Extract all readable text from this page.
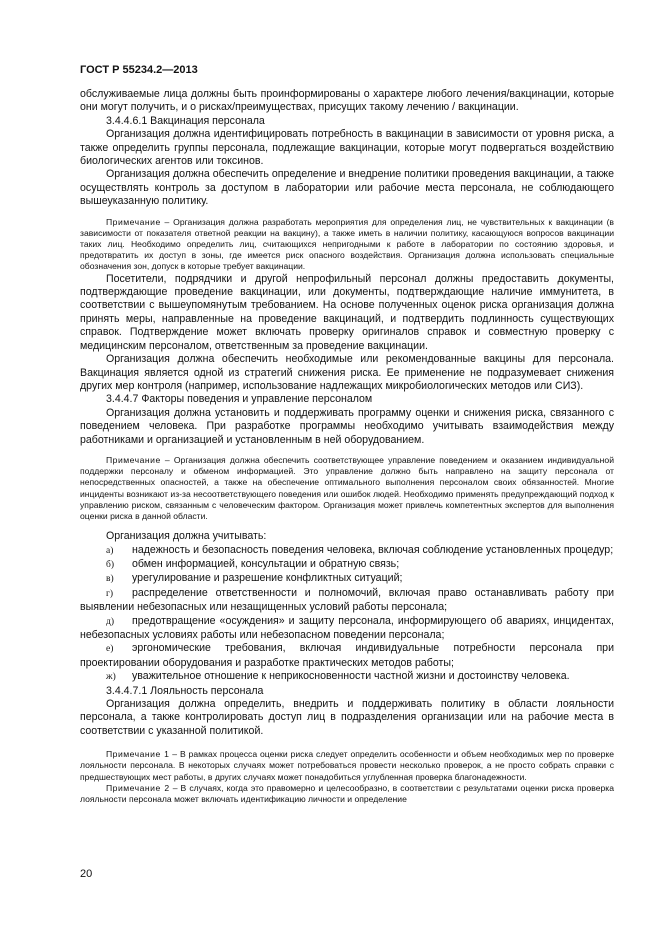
ГОСТ Р 55234.2—2013

обслуживаемые лица должны быть проинформированы о характере любого лечения/вакцинации, которые они могут получить, и о рисках/преимуществах, присущих такому лечению / вакцинации.

3.4.4.6.1 Вакцинация персонала

Организация должна идентифицировать потребность в вакцинации в зависимости от уровня риска, а также определить группы персонала, подлежащие вакцинации, которые могут подвергаться воздействию биологических агентов или токсинов.

Организация должна обеспечить определение и внедрение политики проведения вакцинации, а также осуществлять контроль за доступом в лаборатории или рабочие места персонала, не соблюдающего вышеуказанную политику.

Примечание – Организация должна разработать мероприятия для определения лиц, не чувствительных к вакцинации (в зависимости от показателя ответной реакции на вакцину), а также иметь в наличии политику, касающуюся вопросов вакцинации таких лиц. Необходимо определить лиц, считающихся непригодными к работе в лаборатории по состоянию здоровья, и предотвратить их доступ в зоны, где имеется риск опасного воздействия. Организация должна использовать специальные обозначения зон, допуск в которые требует вакцинации.

Посетители, подрядчики и другой непрофильный персонал должны предоставить документы, подтверждающие проведение вакцинации, или документы, подтверждающие наличие иммунитета, в соответствии с вышеупомянутым требованием. На основе полученных оценок риска организация должна принять меры, направленные на проведение вакцинаций, и подтвердить подлинность существующих справок. Подтверждение может включать проверку оригиналов справок и совместную проверку с медицинским персоналом, ответственным за проведение вакцинации.

Организация должна обеспечить необходимые или рекомендованные вакцины для персонала. Вакцинация является одной из стратегий снижения риска. Ее применение не подразумевает снижения других мер контроля (например, использование надлежащих микробиологических методов или СИЗ).

3.4.4.7 Факторы поведения и управление персоналом

Организация должна установить и поддерживать программу оценки и снижения риска, связанного с поведением человека. При разработке программы необходимо учитывать взаимодействия между работниками и организацией и установленным в ней оборудованием.

Примечание – Организация должна обеспечить соответствующее управление поведением и оказанием индивидуальной поддержки персоналу и обменом информацией. Это управление должно быть направлено на защиту персонала от непосредственных опасностей, а также на обеспечение оптимального выполнения персоналом своих обязанностей. Многие инциденты возникают из-за несоответствующего поведения или ошибок людей. Необходимо применять предупреждающий подход к управлению риском, связанным с человеческим фактором. Организация может привлечь компетентных экспертов для выполнения оценки риска в данной области.

Организация должна учитывать:

а) надежность и безопасность поведения человека, включая соблюдение установленных процедур;

б) обмен информацией, консультации и обратную связь;

в) урегулирование и разрешение конфликтных ситуаций;

г) распределение ответственности и полномочий, включая право останавливать работу при выявлении небезопасных или незащищенных условий работы персонала;

д) предотвращение «осуждения» и защиту персонала, информирующего об авариях, инцидентах, небезопасных условиях работы или небезопасном поведении персонала;

е) эргономические требования, включая индивидуальные потребности персонала при проектировании оборудования и разработке практических методов работы;

ж) уважительное отношение к неприкосновенности частной жизни и достоинству человека.

3.4.4.7.1 Лояльность персонала

Организация должна определить, внедрить и поддерживать политику в области лояльности персонала, а также контролировать доступ лиц в подразделения организации или на рабочие места в соответствии с указанной политикой.

Примечание 1 – В рамках процесса оценки риска следует определить особенности и объем необходимых мер по проверке лояльности персонала. В некоторых случаях может потребоваться провести несколько проверок, а не просто собрать справки с предшествующих мест работы, в других случаях может понадобиться углубленная проверка благонадежности.

Примечание 2 – В случаях, когда это правомерно и целесообразно, в соответствии с результатами оценки риска проверка лояльности персонала может включать идентификацию личности и определение

20
